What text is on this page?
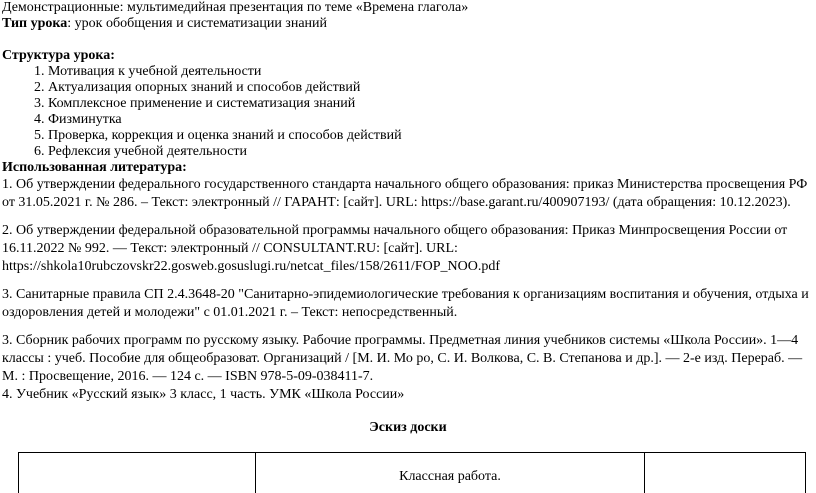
Демонстрационные: мультимедийная презентация по теме «Времена глагола»
Тип урока: урок обобщения и систематизации знаний
Структура урока:
1. Мотивация к учебной деятельности
2. Актуализация опорных знаний и способов действий
3. Комплексное применение и систематизация знаний
4. Физминутка
5. Проверка, коррекция и оценка знаний и способов действий
6. Рефлексия учебной деятельности
Использованная литература:
1. Об утверждении федерального государственного стандарта начального общего образования: приказ Министерства просвещения РФ от 31.05.2021 г. № 286. – Текст: электронный // ГАРАНТ: [сайт]. URL: https://base.garant.ru/400907193/ (дата обращения: 10.12.2023).
2. Об утверждении федеральной образовательной программы начального общего образования: Приказ Минпросвещения России от 16.11.2022 № 992. — Текст: электронный // CONSULTANT.RU: [сайт]. URL: https://shkola10rubczovskr22.gosweb.gosuslugi.ru/netcat_files/158/2611/FOP_NOO.pdf
3. Санитарные правила СП 2.4.3648-20 "Санитарно-эпидемиологические требования к организациям воспитания и обучения, отдыха и оздоровления детей и молодежи" с 01.01.2021 г. – Текст: непосредственный.
3. Сборник рабочих программ по русскому языку. Рабочие программы. Предметная линия учебников системы «Школа России». 1—4 классы : учеб. Пособие для общеобразоват. Организаций / [М. И. Мо ро, С. И. Волкова, С. В. Степанова и др.]. — 2-е изд. Перераб. — М. : Просвещение, 2016. — 124 с. — ISBN 978-5-09-038411-7.
4. Учебник «Русский язык» 3 класс, 1 часть. УМК «Школа России»
Эскиз доски
Классная работа.
